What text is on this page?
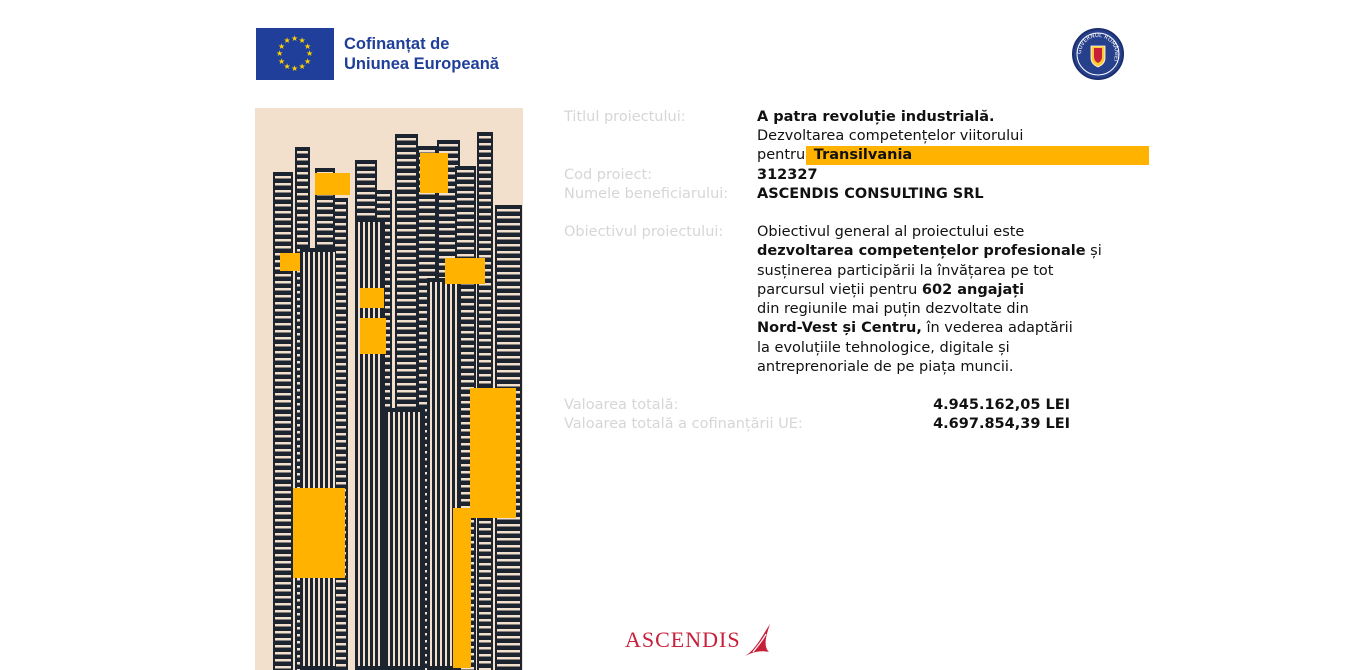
★ ★
★
★
★
★
★
★
★
★
★
★	Cofinanțat de
Uniunea Europeană
GUVERNUL ROMÂNIEI
Titlul proiectului:	A patra revoluție industrială.
Dezvoltarea competențelor viitorului
pentru Transilvania
Cod proiect:	312327
Numele beneficiarului: ASCENDIS CONSULTING SRL
Obiectivul proiectului: Obiectivul general al proiectului este
dezvoltarea competențelor profesionale și
susținerea participării la învățarea pe tot
parcursul vieții pentru 602 angajați
din regiunile mai puțin dezvoltate din
Nord-Vest și Centru, în vederea adaptării
la evoluțiile tehnologice, digitale și
antreprenoriale de pe piața muncii.
Valoarea totală:	4.945.162,05 LEI
Valoarea totală a cofinanțării UE:	4.697.854,39 LEI
ASCENDIS
